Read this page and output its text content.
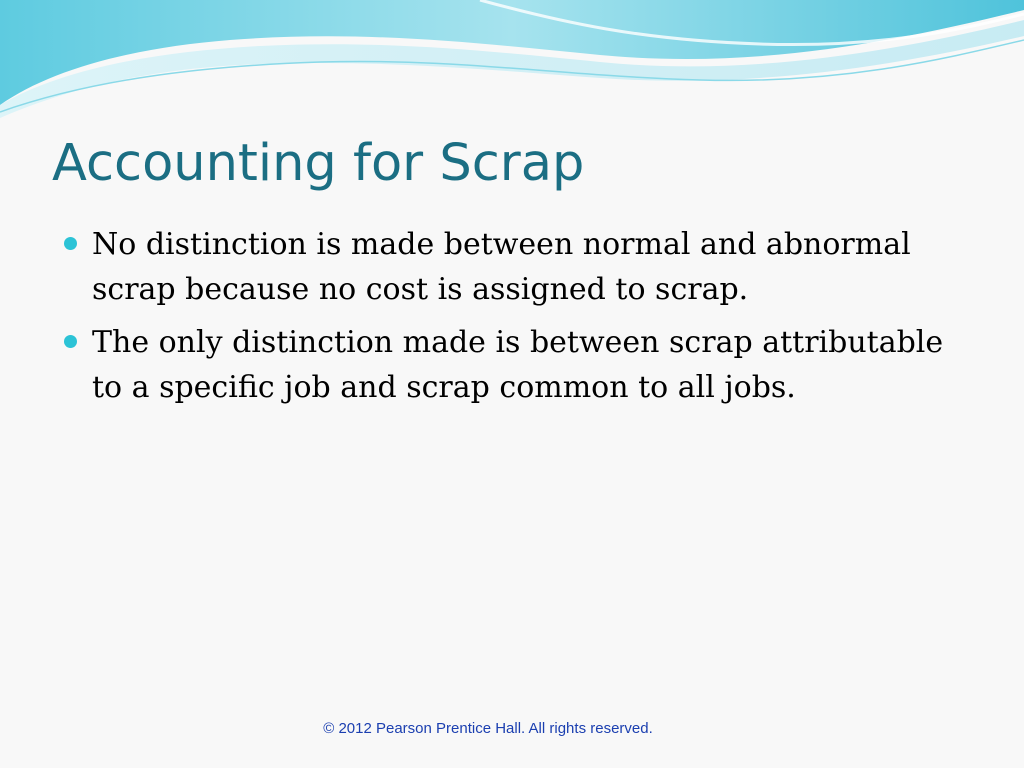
Accounting for Scrap
No distinction is made between normal and abnormal scrap because no cost is assigned to scrap.
The only distinction made is between scrap attributable to a specific job and scrap common to all jobs.
© 2012 Pearson Prentice Hall. All rights reserved.
